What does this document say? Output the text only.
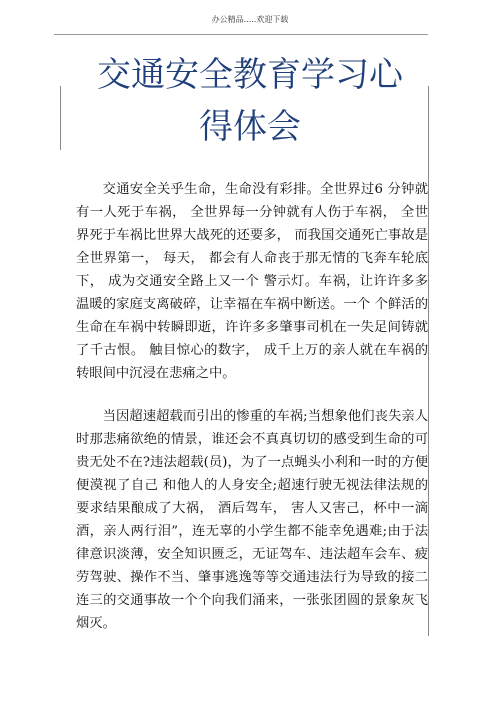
办公精品.....欢迎下载
交通安全教育学习心
得体会

交通安全关乎生命，生命没有彩排。全世界过6 分钟就有一人死于车祸， 全世界每一分钟就有人伤于车祸， 全世界死于车祸比世界大战死的还要多， 而我国交通死亡事故是全世界第一， 每天， 都会有人命丧于那无情的飞奔车轮底下， 成为交通安全路上又一个 警示灯。车祸，让许许多多温暖的家庭支离破碎，让幸福在车祸中断送。一个 个鲜活的生命在车祸中转瞬即逝，许许多多肇事司机在一失足间铸就了千古恨。 触目惊心的数字， 成千上万的亲人就在车祸的转眼间中沉浸在悲痛之中。

当因超速超载而引出的惨重的车祸;当想象他们丧失亲人时那悲痛欲绝的情景，谁还会不真真切切的感受到生命的可贵无处不在?违法超载(员)，为了一点蝇头小利和一时的方便 便漠视了自己 和他人的人身安全;超速行驶无视法律法规的要求结果酿成了大祸， 酒后驾车， 害人又害己，杯中一滴酒，亲人两行泪”，连无辜的小学生都不能幸免遇难;由于法律意识淡薄，安全知识匮乏，无证驾车、违法超车会车、疲劳驾驶、操作不当、肇事逃逸等等交通违法行为导致的接二连三的交通事故一个个向我们涌来，一张张团圆的景象灰飞烟灭。
